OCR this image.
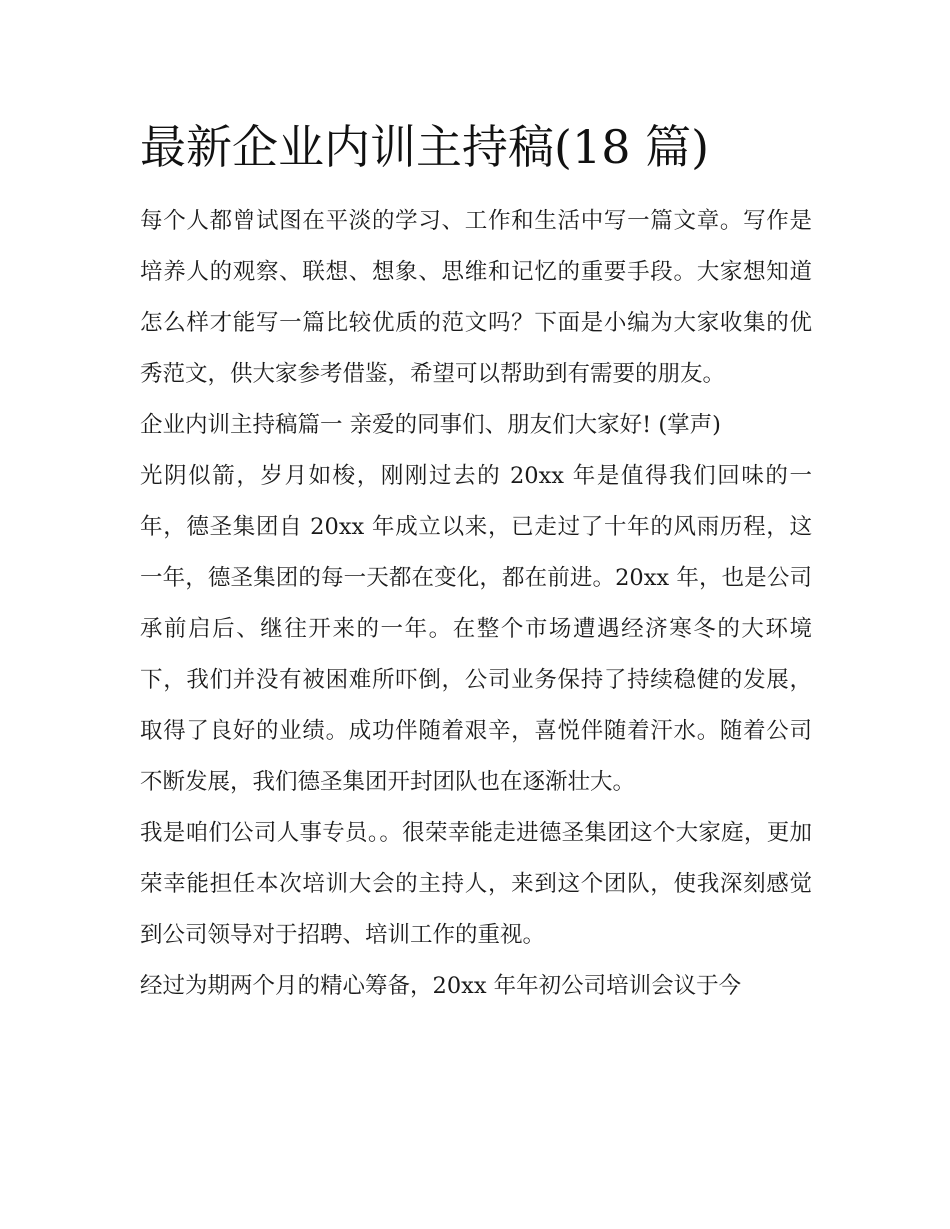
最新企业内训主持稿(18 篇)

每个人都曾试图在平淡的学习、工作和生活中写一篇文章。写作是培养人的观察、联想、想象、思维和记忆的重要手段。大家想知道怎么样才能写一篇比较优质的范文吗？下面是小编为大家收集的优秀范文，供大家参考借鉴，希望可以帮助到有需要的朋友。

企业内训主持稿篇一 亲爱的同事们、朋友们大家好! (掌声)

光阴似箭，岁月如梭，刚刚过去的 20xx 年是值得我们回味的一年，德圣集团自 20xx 年成立以来，已走过了十年的风雨历程，这一年，德圣集团的每一天都在变化，都在前进。20xx 年，也是公司承前启后、继往开来的一年。在整个市场遭遇经济寒冬的大环境下，我们并没有被困难所吓倒，公司业务保持了持续稳健的发展，取得了良好的业绩。成功伴随着艰辛，喜悦伴随着汗水。随着公司不断发展，我们德圣集团开封团队也在逐渐壮大。

我是咱们公司人事专员。。很荣幸能走进德圣集团这个大家庭，更加荣幸能担任本次培训大会的主持人，来到这个团队，使我深刻感觉到公司领导对于招聘、培训工作的重视。

经过为期两个月的精心筹备，20xx 年年初公司培训会议于今
